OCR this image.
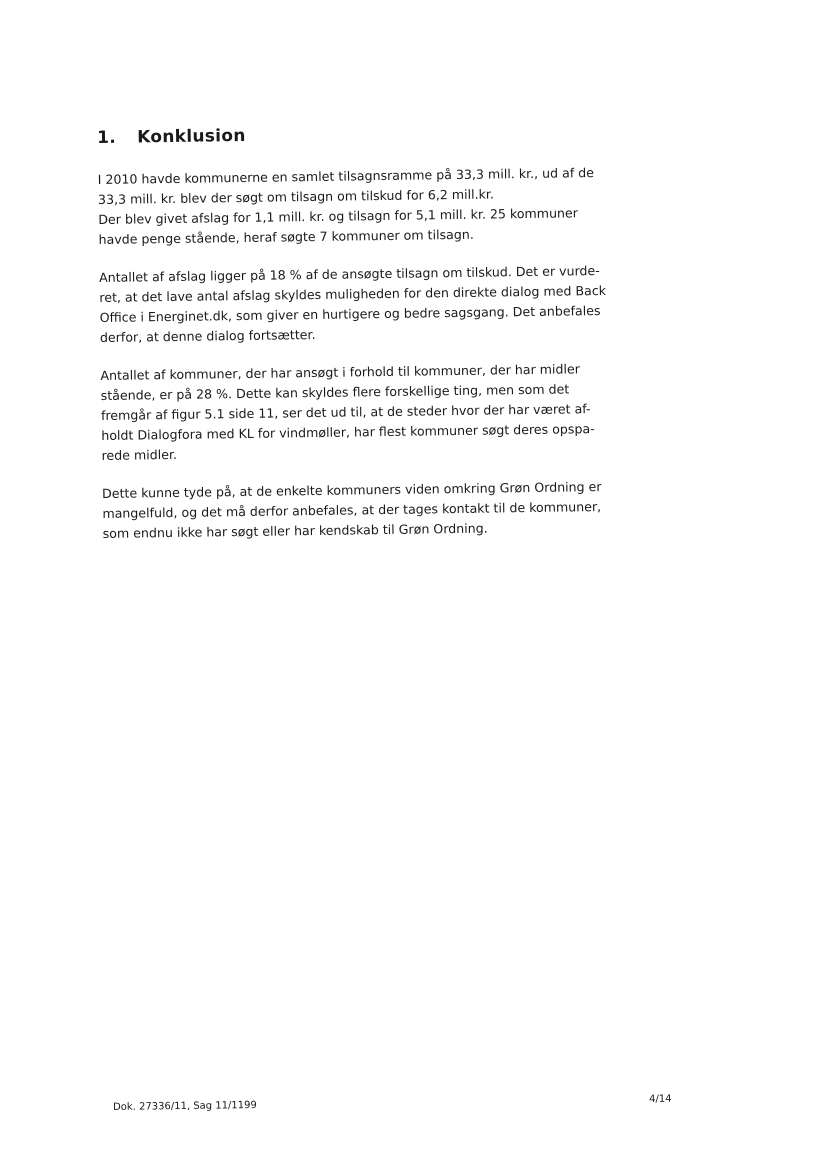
1. Konklusion

I 2010 havde kommunerne en samlet tilsagnsramme på 33,3 mill. kr., ud af de
33,3 mill. kr. blev der søgt om tilsagn om tilskud for 6,2 mill.kr.
Der blev givet afslag for 1,1 mill. kr. og tilsagn for 5,1 mill. kr. 25 kommuner
havde penge stående, heraf søgte 7 kommuner om tilsagn.

Antallet af afslag ligger på 18 % af de ansøgte tilsagn om tilskud. Det er vurde-
ret, at det lave antal afslag skyldes muligheden for den direkte dialog med Back
Office i Energinet.dk, som giver en hurtigere og bedre sagsgang. Det anbefales
derfor, at denne dialog fortsætter.

Antallet af kommuner, der har ansøgt i forhold til kommuner, der har midler
stående, er på 28 %. Dette kan skyldes flere forskellige ting, men som det
fremgår af figur 5.1 side 11, ser det ud til, at de steder hvor der har været af-
holdt Dialogfora med KL for vindmøller, har flest kommuner søgt deres opspa-
rede midler.

Dette kunne tyde på, at de enkelte kommuners viden omkring Grøn Ordning er
mangelfuld, og det må derfor anbefales, at der tages kontakt til de kommuner,
som endnu ikke har søgt eller har kendskab til Grøn Ordning.

Dok. 27336/11, Sag 11/1199
4/14
